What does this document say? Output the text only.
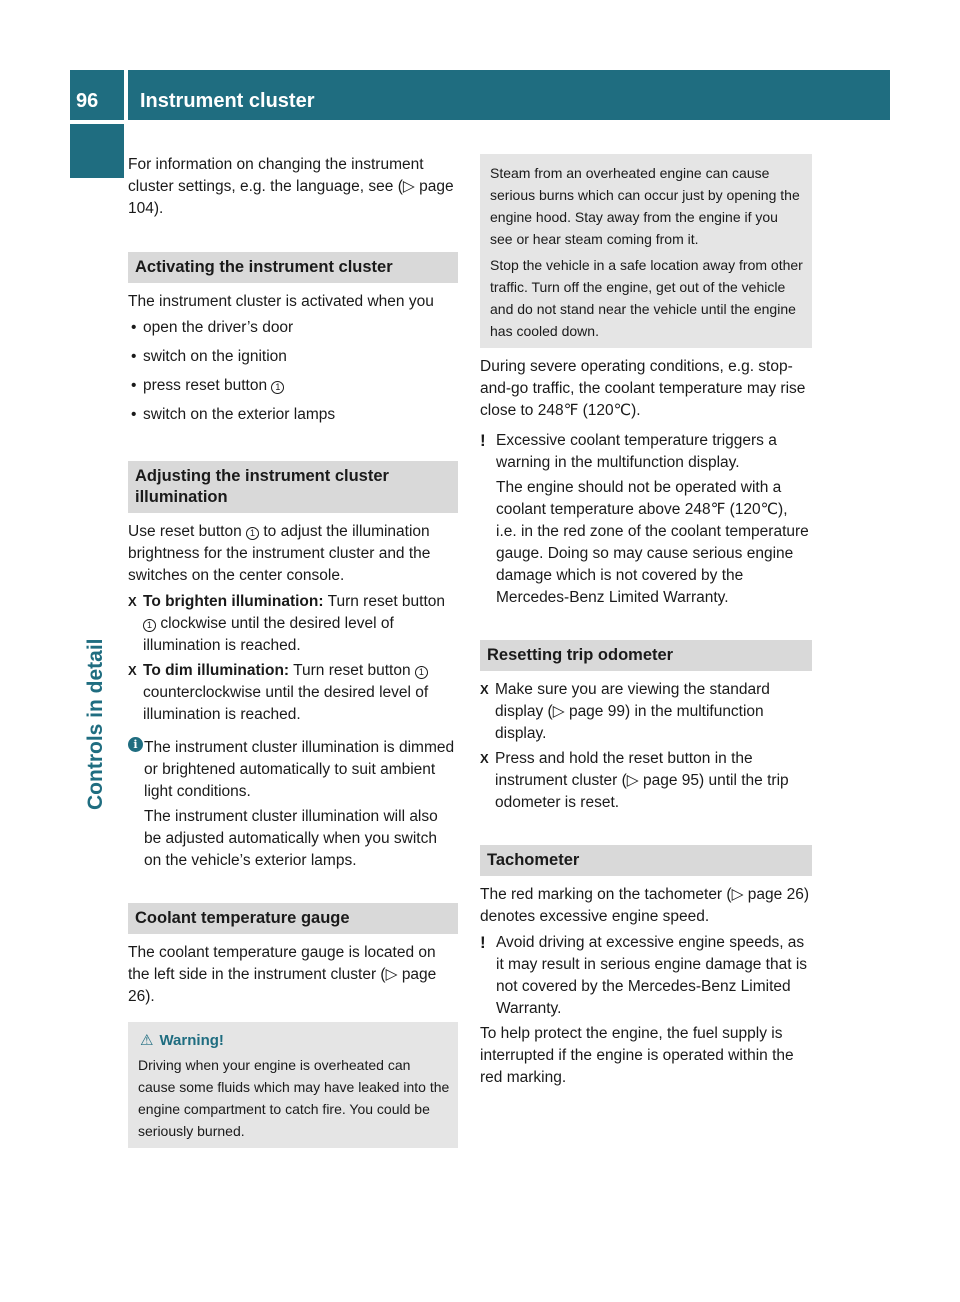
96 Instrument cluster
Controls in detail

For information on changing the instrument cluster settings, e.g. the language, see (▷ page 104).

Activating the instrument cluster

The instrument cluster is activated when you

• open the driver’s door
• switch on the ignition
• press reset button 1
• switch on the exterior lamps
Adjusting the instrument cluster illumination

Use reset button 1 to adjust the illumination brightness for the instrument cluster and the switches on the center console.

X To brighten illumination: Turn reset button 1 clockwise until the desired level of illumination is reached.
X To dim illumination: Turn reset button 1 counterclockwise until the desired level of illumination is reached.
i The instrument cluster illumination is dimmed or brightened automatically to suit ambient light conditions.
The instrument cluster illumination will also be adjusted automatically when you switch on the vehicle’s exterior lamps.
Coolant temperature gauge

The coolant temperature gauge is located on the left side in the instrument cluster (▷ page 26).

⚠ Warning!
Driving when your engine is overheated can cause some fluids which may have leaked into the engine compartment to catch fire. You could be seriously burned.
Steam from an overheated engine can cause serious burns which can occur just by opening the engine hood. Stay away from the engine if you see or hear steam coming from it.
Stop the vehicle in a safe location away from other traffic. Turn off the engine, get out of the vehicle and do not stand near the vehicle until the engine has cooled down.

During severe operating conditions, e.g. stop-and-go traffic, the coolant temperature may rise close to 248℉ (120℃).

! Excessive coolant temperature triggers a warning in the multifunction display.
The engine should not be operated with a coolant temperature above 248℉ (120℃), i.e. in the red zone of the coolant temperature gauge. Doing so may cause serious engine damage which is not covered by the Mercedes-Benz Limited Warranty.
Resetting trip odometer
X Make sure you are viewing the standard display (▷ page 99) in the multifunction display.
X Press and hold the reset button in the instrument cluster (▷ page 95) until the trip odometer is reset.
Tachometer

The red marking on the tachometer (▷ page 26) denotes excessive engine speed.

! Avoid driving at excessive engine speeds, as it may result in serious engine damage that is not covered by the Mercedes-Benz Limited Warranty.

To help protect the engine, the fuel supply is interrupted if the engine is operated within the red marking.
